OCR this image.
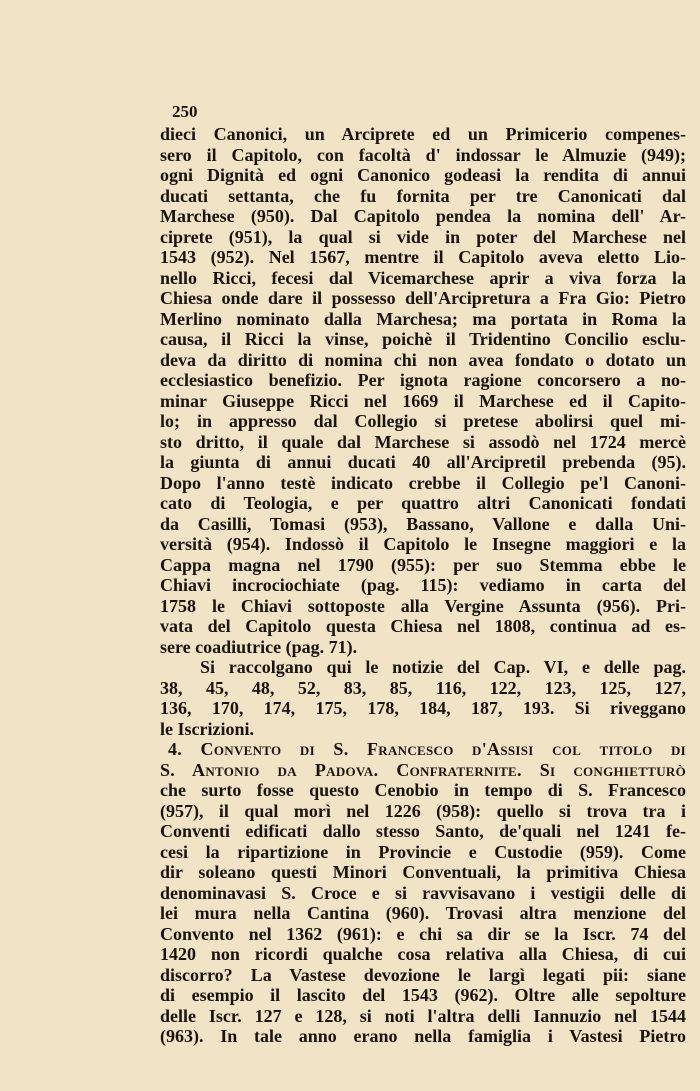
250
dieci Canonici, un Arciprete ed un Primicerio compenes-
sero il Capitolo, con facoltà d' indossar le Almuzie (949);
ogni Dignità ed ogni Canonico godeasi la rendita di annui
ducati settanta, che fu fornita per tre Canonicati dal
Marchese (950). Dal Capitolo pendea la nomina dell' Ar-
ciprete (951), la qual si vide in poter del Marchese nel
1543 (952). Nel 1567, mentre il Capitolo aveva eletto Lio-
nello Ricci, fecesi dal Vicemarchese aprir a viva forza la
Chiesa onde dare il possesso dell'Arcipretura a Fra Gio: Pietro
Merlino nominato dalla Marchesa; ma portata in Roma la
causa, il Ricci la vinse, poichè il Tridentino Concilio esclu-
deva da diritto di nomina chi non avea fondato o dotato un
ecclesiastico benefizio. Per ignota ragione concorsero a no-
minar Giuseppe Ricci nel 1669 il Marchese ed il Capito-
lo; in appresso dal Collegio si pretese abolirsi quel mi-
sto dritto, il quale dal Marchese si assodò nel 1724 mercè
la giunta di annui ducati 40 all'Arcipretil prebenda (95).
Dopo l'anno testè indicato crebbe il Collegio pe'l Canoni-
cato di Teologia, e per quattro altri Canonicati fondati
da Casilli, Tomasi (953), Bassano, Vallone e dalla Uni-
versità (954). Indossò il Capitolo le Insegne maggiori e la
Cappa magna nel 1790 (955): per suo Stemma ebbe le
Chiavi incrociochiate (pag. 115): vediamo in carta del
1758 le Chiavi sottoposte alla Vergine Assunta (956). Pri-
vata del Capitolo questa Chiesa nel 1808, continua ad es-
sere coadiutrice (pag. 71).
Si raccolgano qui le notizie del Cap. VI, e delle pag.
38, 45, 48, 52, 83, 85, 116, 122, 123, 125, 127,
136, 170, 174, 175, 178, 184, 187, 193. Si riveggano
le Iscrizioni.
4. Convento di S. Francesco d'Assisi col titolo di
S. Antonio da Padova. Confraternite. Si conghietturò
che surto fosse questo Cenobio in tempo di S. Francesco
(957), il qual morì nel 1226 (958): quello si trova tra i
Conventi edificati dallo stesso Santo, de'quali nel 1241 fe-
cesi la ripartizione in Provincie e Custodie (959). Come
dir soleano questi Minori Conventuali, la primitiva Chiesa
denominavasi S. Croce e si ravvisavano i vestigii delle di
lei mura nella Cantina (960). Trovasi altra menzione del
Convento nel 1362 (961): e chi sa dir se la Iscr. 74 del
1420 non ricordi qualche cosa relativa alla Chiesa, di cui
discorro? La Vastese devozione le largì legati pii: siane
di esempio il lascito del 1543 (962). Oltre alle sepolture
delle Iscr. 127 e 128, si noti l'altra delli Iannuzio nel 1544
(963). In tale anno erano nella famiglia i Vastesi Pietro
